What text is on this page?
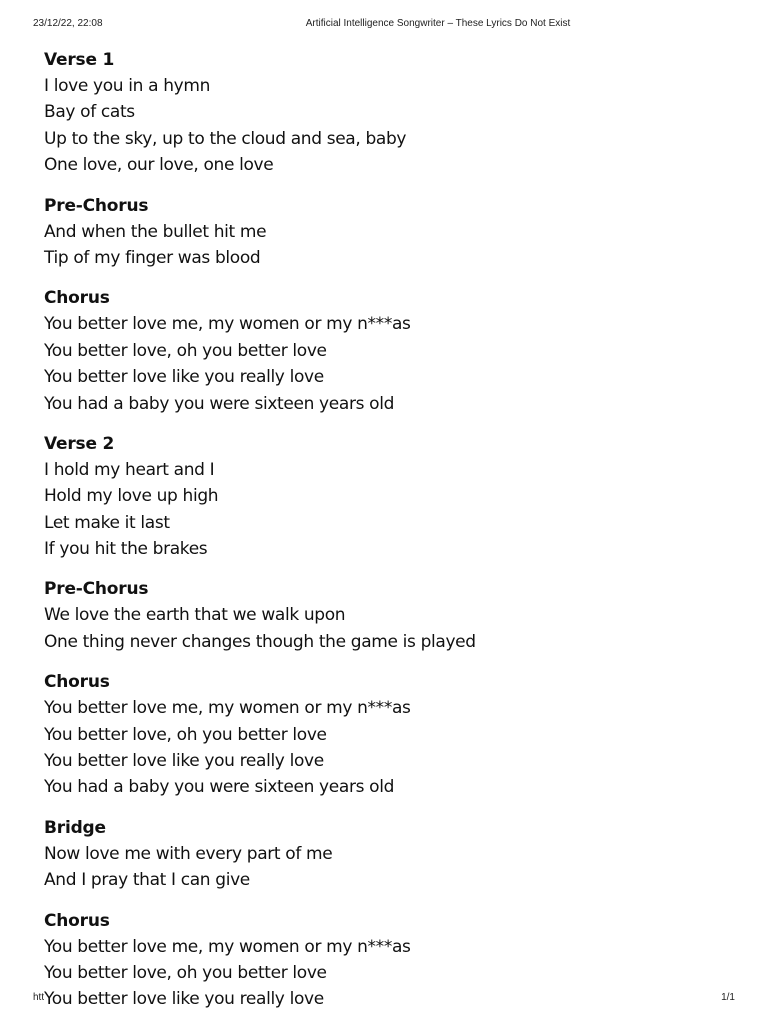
23/12/22, 22:08	Artificial Intelligence Songwriter – These Lyrics Do Not Exist
Verse 1
I love you in a hymn
Bay of cats
Up to the sky, up to the cloud and sea, baby
One love, our love, one love
Pre-Chorus
And when the bullet hit me
Tip of my finger was blood
Chorus
You better love me, my women or my n***as
You better love, oh you better love
You better love like you really love
You had a baby you were sixteen years old
Verse 2
I hold my heart and I
Hold my love up high
Let make it last
If you hit the brakes
Pre-Chorus
We love the earth that we walk upon
One thing never changes though the game is played
Chorus
You better love me, my women or my n***as
You better love, oh you better love
You better love like you really love
You had a baby you were sixteen years old
Bridge
Now love me with every part of me
And I pray that I can give
Chorus
You better love me, my women or my n***as
You better love, oh you better love
You better love like you really love
htt	1/1
